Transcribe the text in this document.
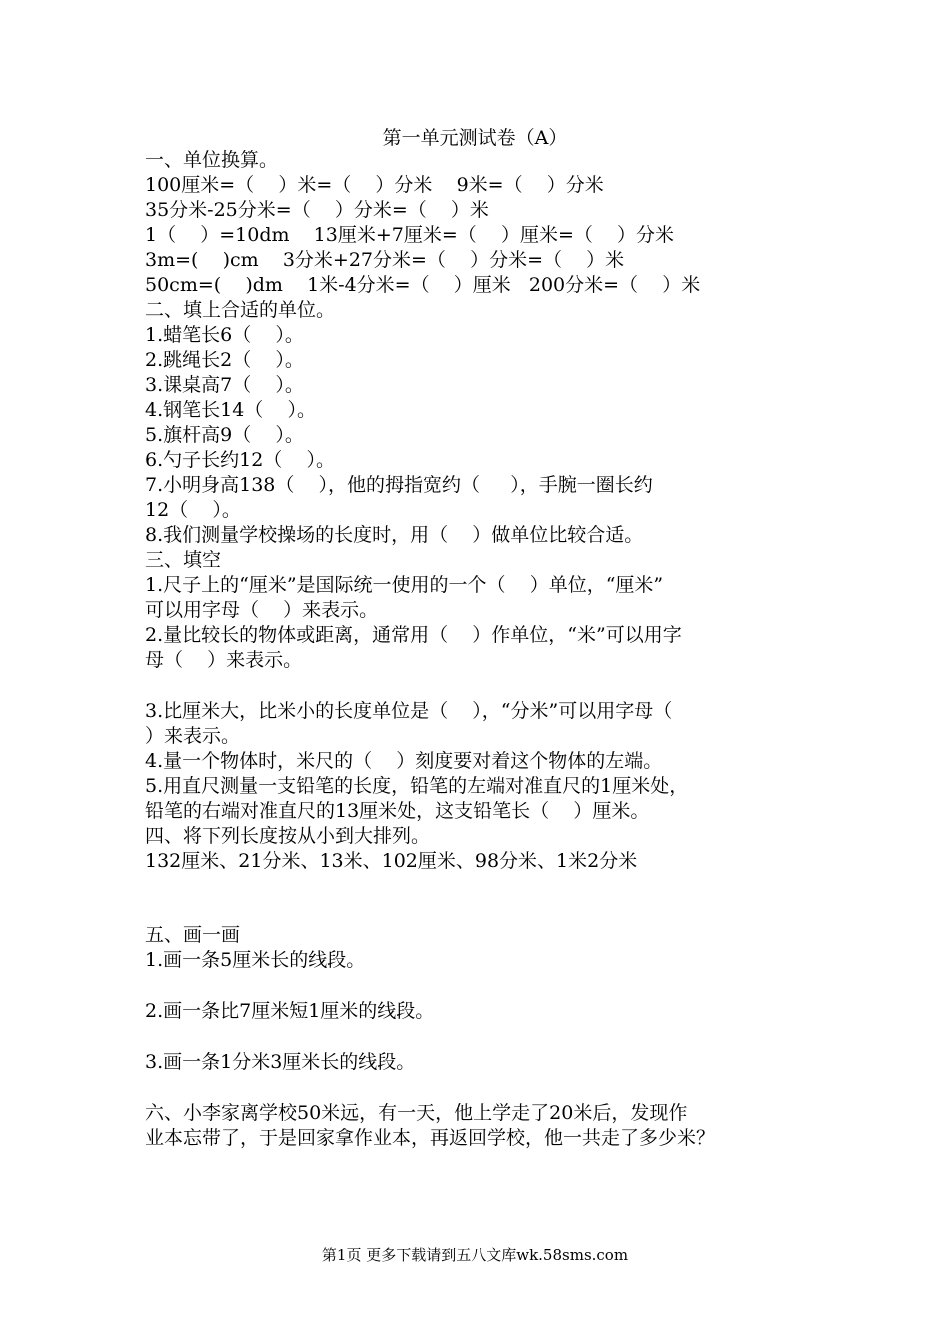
第一单元测试卷（A）
一、单位换算。
100厘米=（    ）米=（    ）分米    9米=（    ）分米
35分米-25分米=（    ）分米=（    ）米
1（    ）=10dm    13厘米+7厘米=（    ）厘米=（    ）分米
3m=(    )cm    3分米+27分米=（    ）分米=（    ）米
50cm=(    )dm    1米-4分米=（    ）厘米   200分米=（    ）米
二、填上合适的单位。
1.蜡笔长6（    ）。
2.跳绳长2（    ）。
3.课桌高7（    ）。
4.钢笔长14（    ）。
5.旗杆高9（    ）。
6.勺子长约12（    ）。
7.小明身高138（    ），他的拇指宽约（     ），手腕一圈长约
12（    ）。
8.我们测量学校操场的长度时，用（    ）做单位比较合适。
三、填空
1.尺子上的“厘米”是国际统一使用的一个（    ）单位，“厘米”
可以用字母（    ）来表示。
2.量比较长的物体或距离，通常用（    ）作单位，“米”可以用字
母（    ）来表示。
3.比厘米大，比米小的长度单位是（    ），“分米”可以用字母（
）来表示。
4.量一个物体时，米尺的（    ）刻度要对着这个物体的左端。
5.用直尺测量一支铅笔的长度，铅笔的左端对准直尺的1厘米处，
铅笔的右端对准直尺的13厘米处，这支铅笔长（    ）厘米。
四、将下列长度按从小到大排列。
132厘米、21分米、13米、102厘米、98分米、1米2分米
五、画一画
1.画一条5厘米长的线段。
2.画一条比7厘米短1厘米的线段。
3.画一条1分米3厘米长的线段。
六、小李家离学校50米远，有一天，他上学走了20米后，发现作
业本忘带了，于是回家拿作业本，再返回学校，他一共走了多少米？
第1页 更多下载请到五八文库wk.58sms.com
